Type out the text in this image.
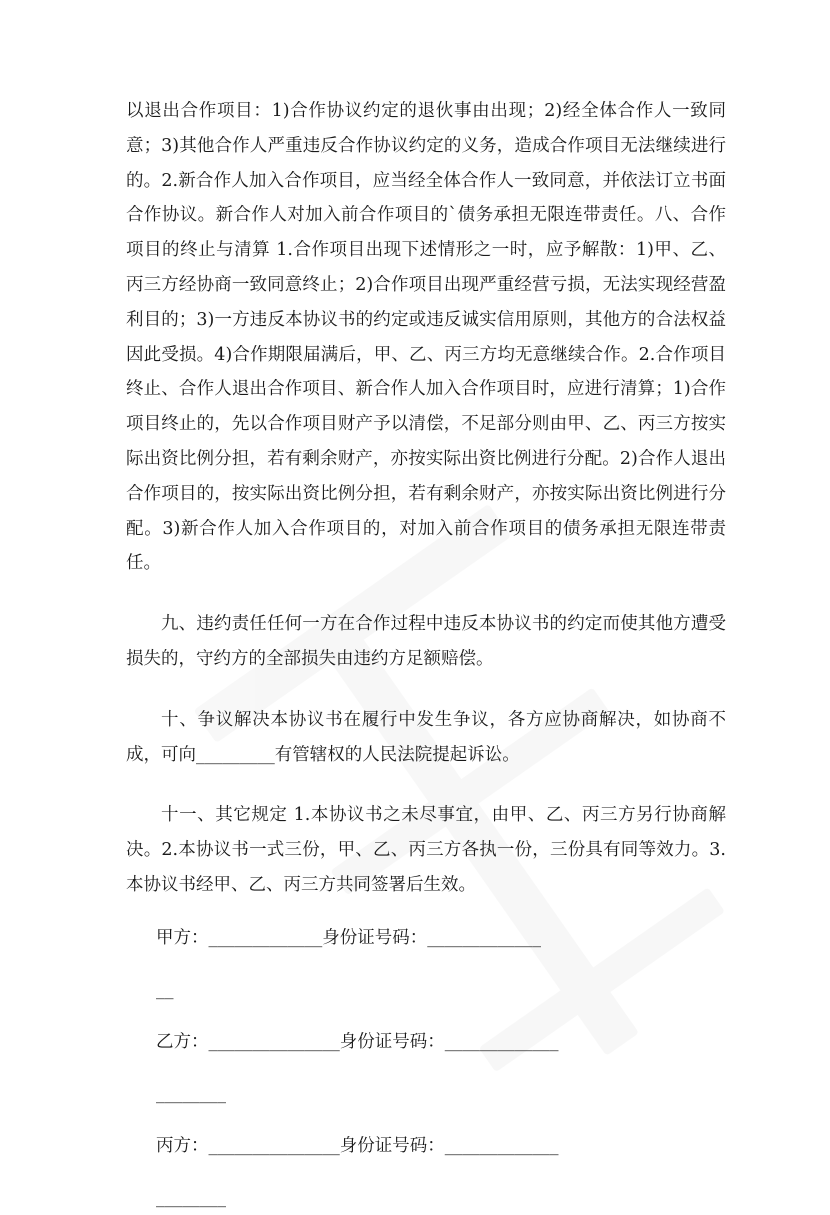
以退出合作项目：1)合作协议约定的退伙事由出现；2)经全体合作人一致同意；3)其他合作人严重违反合作协议约定的义务，造成合作项目无法继续进行的。2.新合作人加入合作项目，应当经全体合作人一致同意，并依法订立书面合作协议。新合作人对加入前合作项目的`债务承担无限连带责任。八、合作项目的终止与清算 1.合作项目出现下述情形之一时，应予解散：1)甲、乙、丙三方经协商一致同意终止；2)合作项目出现严重经营亏损，无法实现经营盈利目的；3)一方违反本协议书的约定或违反诚实信用原则，其他方的合法权益因此受损。4)合作期限届满后，甲、乙、丙三方均无意继续合作。2.合作项目终止、合作人退出合作项目、新合作人加入合作项目时，应进行清算；1)合作项目终止的，先以合作项目财产予以清偿，不足部分则由甲、乙、丙三方按实际出资比例分担，若有剩余财产，亦按实际出资比例进行分配。2)合作人退出合作项目的，按实际出资比例分担，若有剩余财产，亦按实际出资比例进行分配。3)新合作人加入合作项目的，对加入前合作项目的债务承担无限连带责任。

九、违约责任任何一方在合作过程中违反本协议书的约定而使其他方遭受损失的，守约方的全部损失由违约方足额赔偿。

十、争议解决本协议书在履行中发生争议，各方应协商解决，如协商不成，可向_________有管辖权的人民法院提起诉讼。

十一、其它规定 1.本协议书之未尽事宜，由甲、乙、丙三方另行协商解决。2.本协议书一式三份，甲、乙、丙三方各执一份，三份具有同等效力。3.本协议书经甲、乙、丙三方共同签署后生效。

甲方：_____________身份证号码：_____________
__
乙方：_______________身份证号码：_____________
________
丙方：_______________身份证号码：_____________
________
